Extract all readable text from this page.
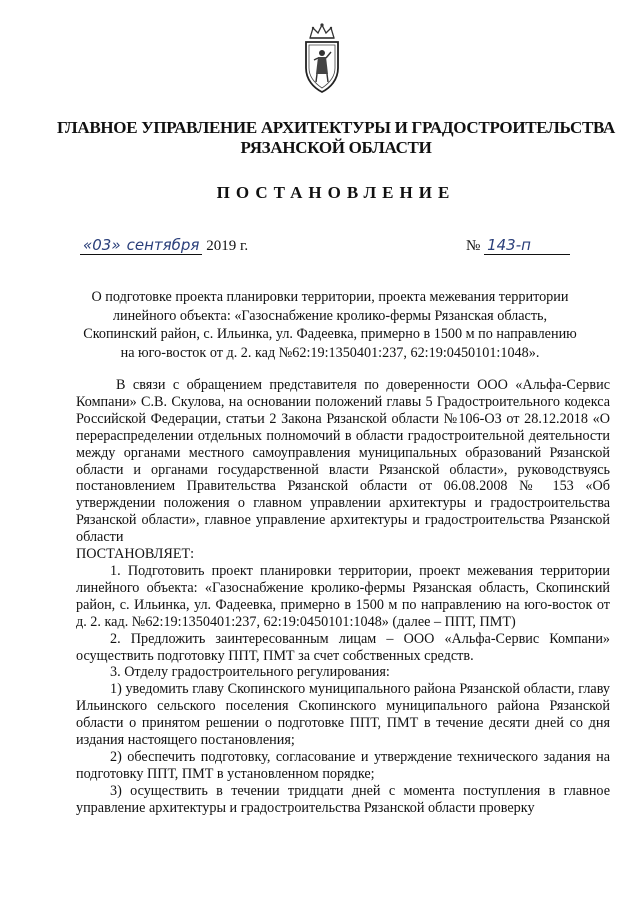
ГЛАВНОЕ УПРАВЛЕНИЕ АРХИТЕКТУРЫ И ГРАДОСТРОИТЕЛЬСТВА
РЯЗАНСКОЙ ОБЛАСТИ
ПОСТАНОВЛЕНИЕ
«03» сентября 2019 г.	№ 143-п
О подготовке проекта планировки территории, проекта межевания территории
линейного объекта: «Газоснабжение кролико-фермы Рязанская область,
Скопинский район, с. Ильинка, ул. Фадеевка, примерно в 1500 м по направлению
на юго-восток от д. 2. кад №62:19:1350401:237, 62:19:0450101:1048».

В связи с обращением представителя по доверенности ООО «Альфа-Сервис Компани» С.В. Скулова, на основании положений главы 5 Градостроительного кодекса Российской Федерации, статьи 2 Закона Рязанской области №106-ОЗ от 28.12.2018 «О перераспределении отдельных полномочий в области градостроительной деятельности между органами местного самоуправления муниципальных образований Рязанской области и органами государственной власти Рязанской области», руководствуясь постановлением Правительства Рязанской области от 06.08.2008 № 153 «Об утверждении положения о главном управлении архитектуры и градостроительства Рязанской области», главное управление архитектуры и градостроительства Рязанской области

ПОСТАНОВЛЯЕТ:

1. Подготовить проект планировки территории, проект межевания территории линейного объекта: «Газоснабжение кролико-фермы Рязанская область, Скопинский район, с. Ильинка, ул. Фадеевка, примерно в 1500 м по направлению на юго-восток от д. 2. кад. №62:19:1350401:237, 62:19:0450101:1048» (далее – ППТ, ПМТ)

2. Предложить заинтересованным лицам – ООО «Альфа-Сервис Компани» осуществить подготовку ППТ, ПМТ за счет собственных средств.

3. Отделу градостроительного регулирования:

1) уведомить главу Скопинского муниципального района Рязанской области, главу Ильинского сельского поселения Скопинского муниципального района Рязанской области о принятом решении о подготовке ППТ, ПМТ в течение десяти дней со дня издания настоящего постановления;

2) обеспечить подготовку, согласование и утверждение технического задания на подготовку ППТ, ПМТ в установленном порядке;

3) осуществить в течении тридцати дней с момента поступления в главное управление архитектуры и градостроительства Рязанской области проверку
